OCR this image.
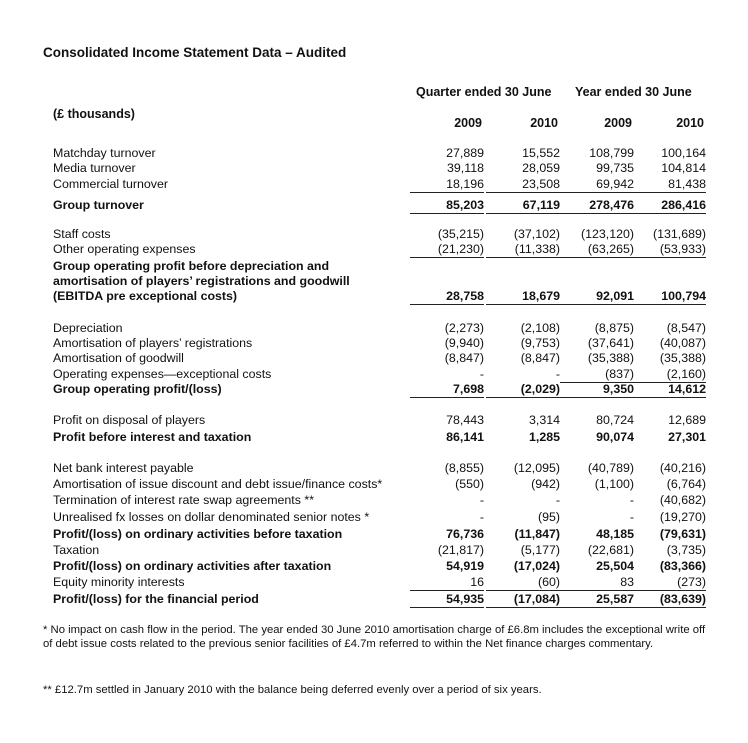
Consolidated Income Statement Data – Audited
Quarter ended 30 June Year ended 30 June
(£ thousands)
2009	2010	2009	2010
Matchday turnover	27,889	15,552	108,799	100,164
Media turnover	39,118	28,059	99,735	104,814
Commercial turnover	18,196	23,508	69,942	81,438
Group turnover	85,203	67,119	278,476	286,416
Staff costs	(35,215)	(37,102)	(123,120)	(131,689)
Other operating expenses	(21,230)	(11,338)	(63,265)	(53,933)
Group operating profit before depreciation and
amortisation of players’ registrations and goodwill
(EBITDA pre exceptional costs)	28,758	18,679	92,091	100,794
Depreciation	(2,273)	(2,108)	(8,875)	(8,547)
Amortisation of players’ registrations	(9,940)	(9,753)	(37,641)	(40,087)
Amortisation of goodwill	(8,847)	(8,847)	(35,388)	(35,388)
Operating expenses—exceptional costs	-	-	(837)	(2,160)
Group operating profit/(loss)	7,698	(2,029)	9,350	14,612
Profit on disposal of players	78,443	3,314	80,724	12,689
Profit before interest and taxation	86,141	1,285	90,074	27,301
Net bank interest payable	(8,855)	(12,095)	(40,789)	(40,216)
Amortisation of issue discount and debt issue/finance costs*	(550)	(942)	(1,100)	(6,764)
Termination of interest rate swap agreements **	-	-	-	(40,682)
Unrealised fx losses on dollar denominated senior notes *	-	(95)	-	(19,270)
Profit/(loss) on ordinary activities before taxation	76,736	(11,847)	48,185	(79,631)
Taxation	(21,817)	(5,177)	(22,681)	(3,735)
Profit/(loss) on ordinary activities after taxation	54,919	(17,024)	25,504	(83,366)
Equity minority interests	16	(60)	83	(273)
Profit/(loss) for the financial period	54,935	(17,084)	25,587	(83,639)
* No impact on cash flow in the period. The year ended 30 June 2010 amortisation charge of £6.8m includes the exceptional write off of debt issue costs related to the previous senior facilities of £4.7m referred to within the Net finance charges commentary.
** £12.7m settled in January 2010 with the balance being deferred evenly over a period of six years.
